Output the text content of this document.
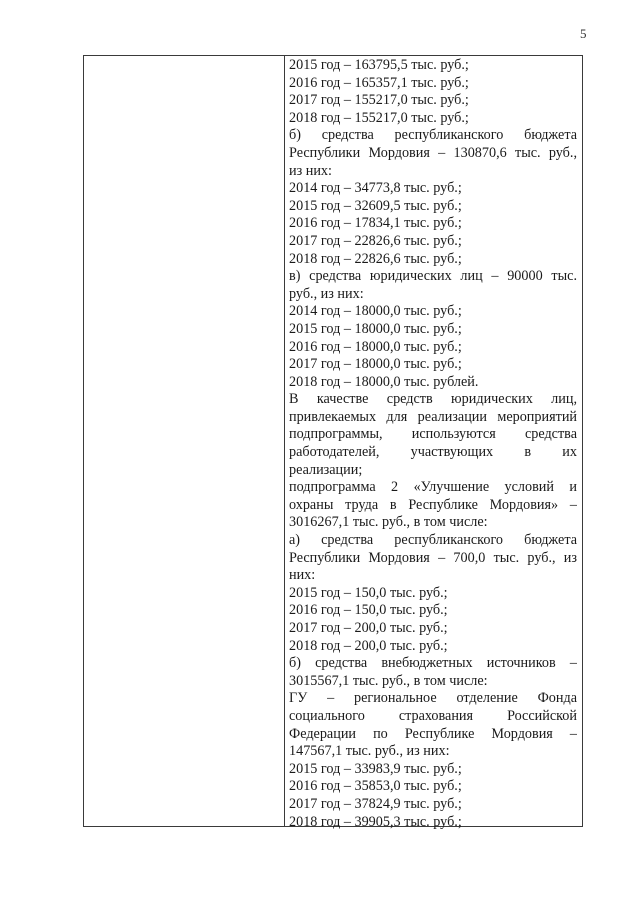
5
2015 год – 163795,5 тыс. руб.;
2016 год – 165357,1 тыс. руб.;
2017 год – 155217,0 тыс. руб.;
2018 год – 155217,0 тыс. руб.;
б) средства республиканского бюджета
Республики Мордовия – 130870,6 тыс. руб.,
из них:
2014 год – 34773,8 тыс. руб.;
2015 год – 32609,5 тыс. руб.;
2016 год – 17834,1 тыс. руб.;
2017 год – 22826,6 тыс. руб.;
2018 год – 22826,6 тыс. руб.;
в) средства юридических лиц – 90000 тыс.
руб., из них:
2014 год – 18000,0 тыс. руб.;
2015 год – 18000,0 тыс. руб.;
2016 год – 18000,0 тыс. руб.;
2017 год – 18000,0 тыс. руб.;
2018 год – 18000,0 тыс. рублей.
В качестве средств юридических лиц,
привлекаемых для реализации мероприятий
подпрограммы, используются средства
работодателей, участвующих в их
реализации;
подпрограмма 2 «Улучшение условий и
охраны труда в Республике Мордовия» –
3016267,1 тыс. руб., в том числе:
а) средства республиканского бюджета
Республики Мордовия – 700,0 тыс. руб., из
них:
2015 год – 150,0 тыс. руб.;
2016 год – 150,0 тыс. руб.;
2017 год – 200,0 тыс. руб.;
2018 год – 200,0 тыс. руб.;
б) средства внебюджетных источников –
3015567,1 тыс. руб., в том числе:
ГУ – региональное отделение Фонда
социального страхования Российской
Федерации по Республике Мордовия –
147567,1 тыс. руб., из них:
2015 год – 33983,9 тыс. руб.;
2016 год – 35853,0 тыс. руб.;
2017 год – 37824,9 тыс. руб.;
2018 год – 39905,3 тыс. руб.;
